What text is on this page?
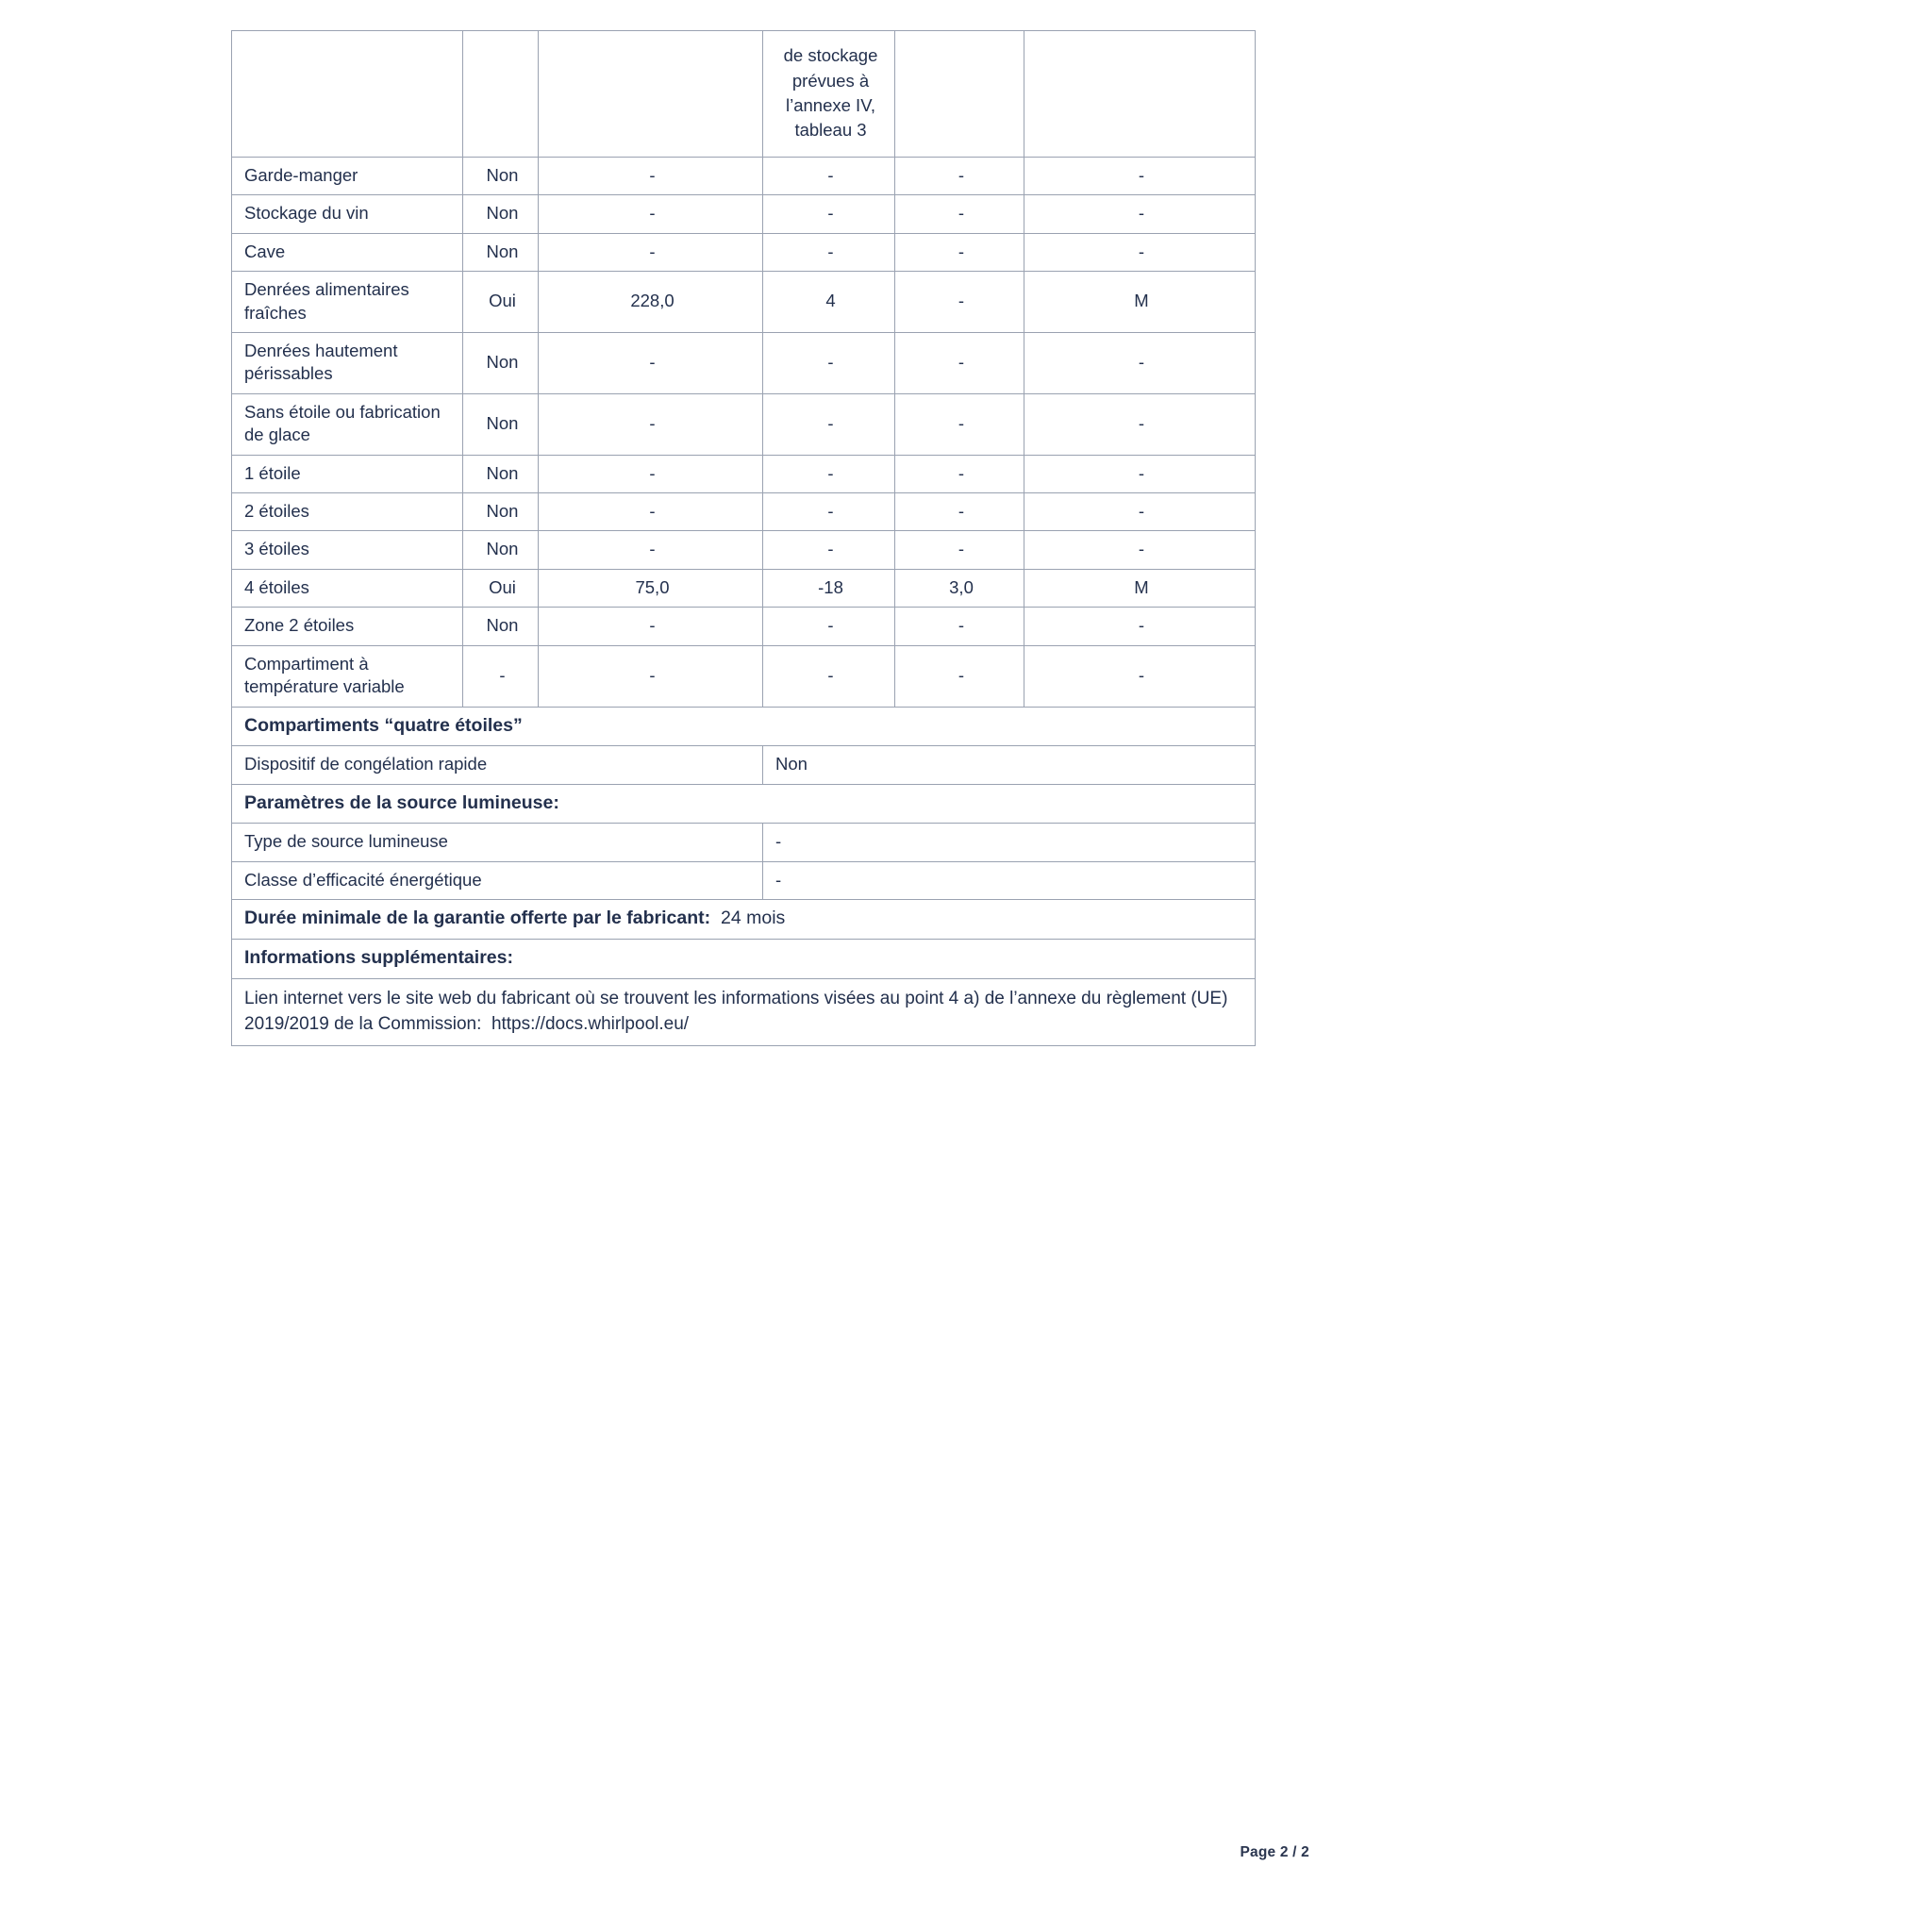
			de stockage prévues à l’annexe IV, tableau 3		
Garde-manger	Non	-	-	-	-
Stockage du vin	Non	-	-	-	-
Cave	Non	-	-	-	-
Denrées alimentaires fraîches	Oui	228,0	4	-	M
Denrées hautement périssables	Non	-	-	-	-
Sans étoile ou fabrication de glace	Non	-	-	-	-
1 étoile	Non	-	-	-	-
2 étoiles	Non	-	-	-	-
3 étoiles	Non	-	-	-	-
4 étoiles	Oui	75,0	-18	3,0	M
Zone 2 étoiles	Non	-	-	-	-
Compartiment à température variable	-	-	-	-	-
Compartiments “quatre étoiles”					
Dispositif de congélation rapide			Non		
Paramètres de la source lumineuse:					
Type de source lumineuse			-		
Classe d’efficacité énergétique			-		
Durée minimale de la garantie offerte par le fabricant: 24 mois					
Informations supplémentaires:					
Lien internet vers le site web du fabricant où se trouvent les informations visées au point 4 a) de l’annexe du règlement (UE) 2019/2019 de la Commission: https://docs.whirlpool.eu/					
Page 2 / 2
